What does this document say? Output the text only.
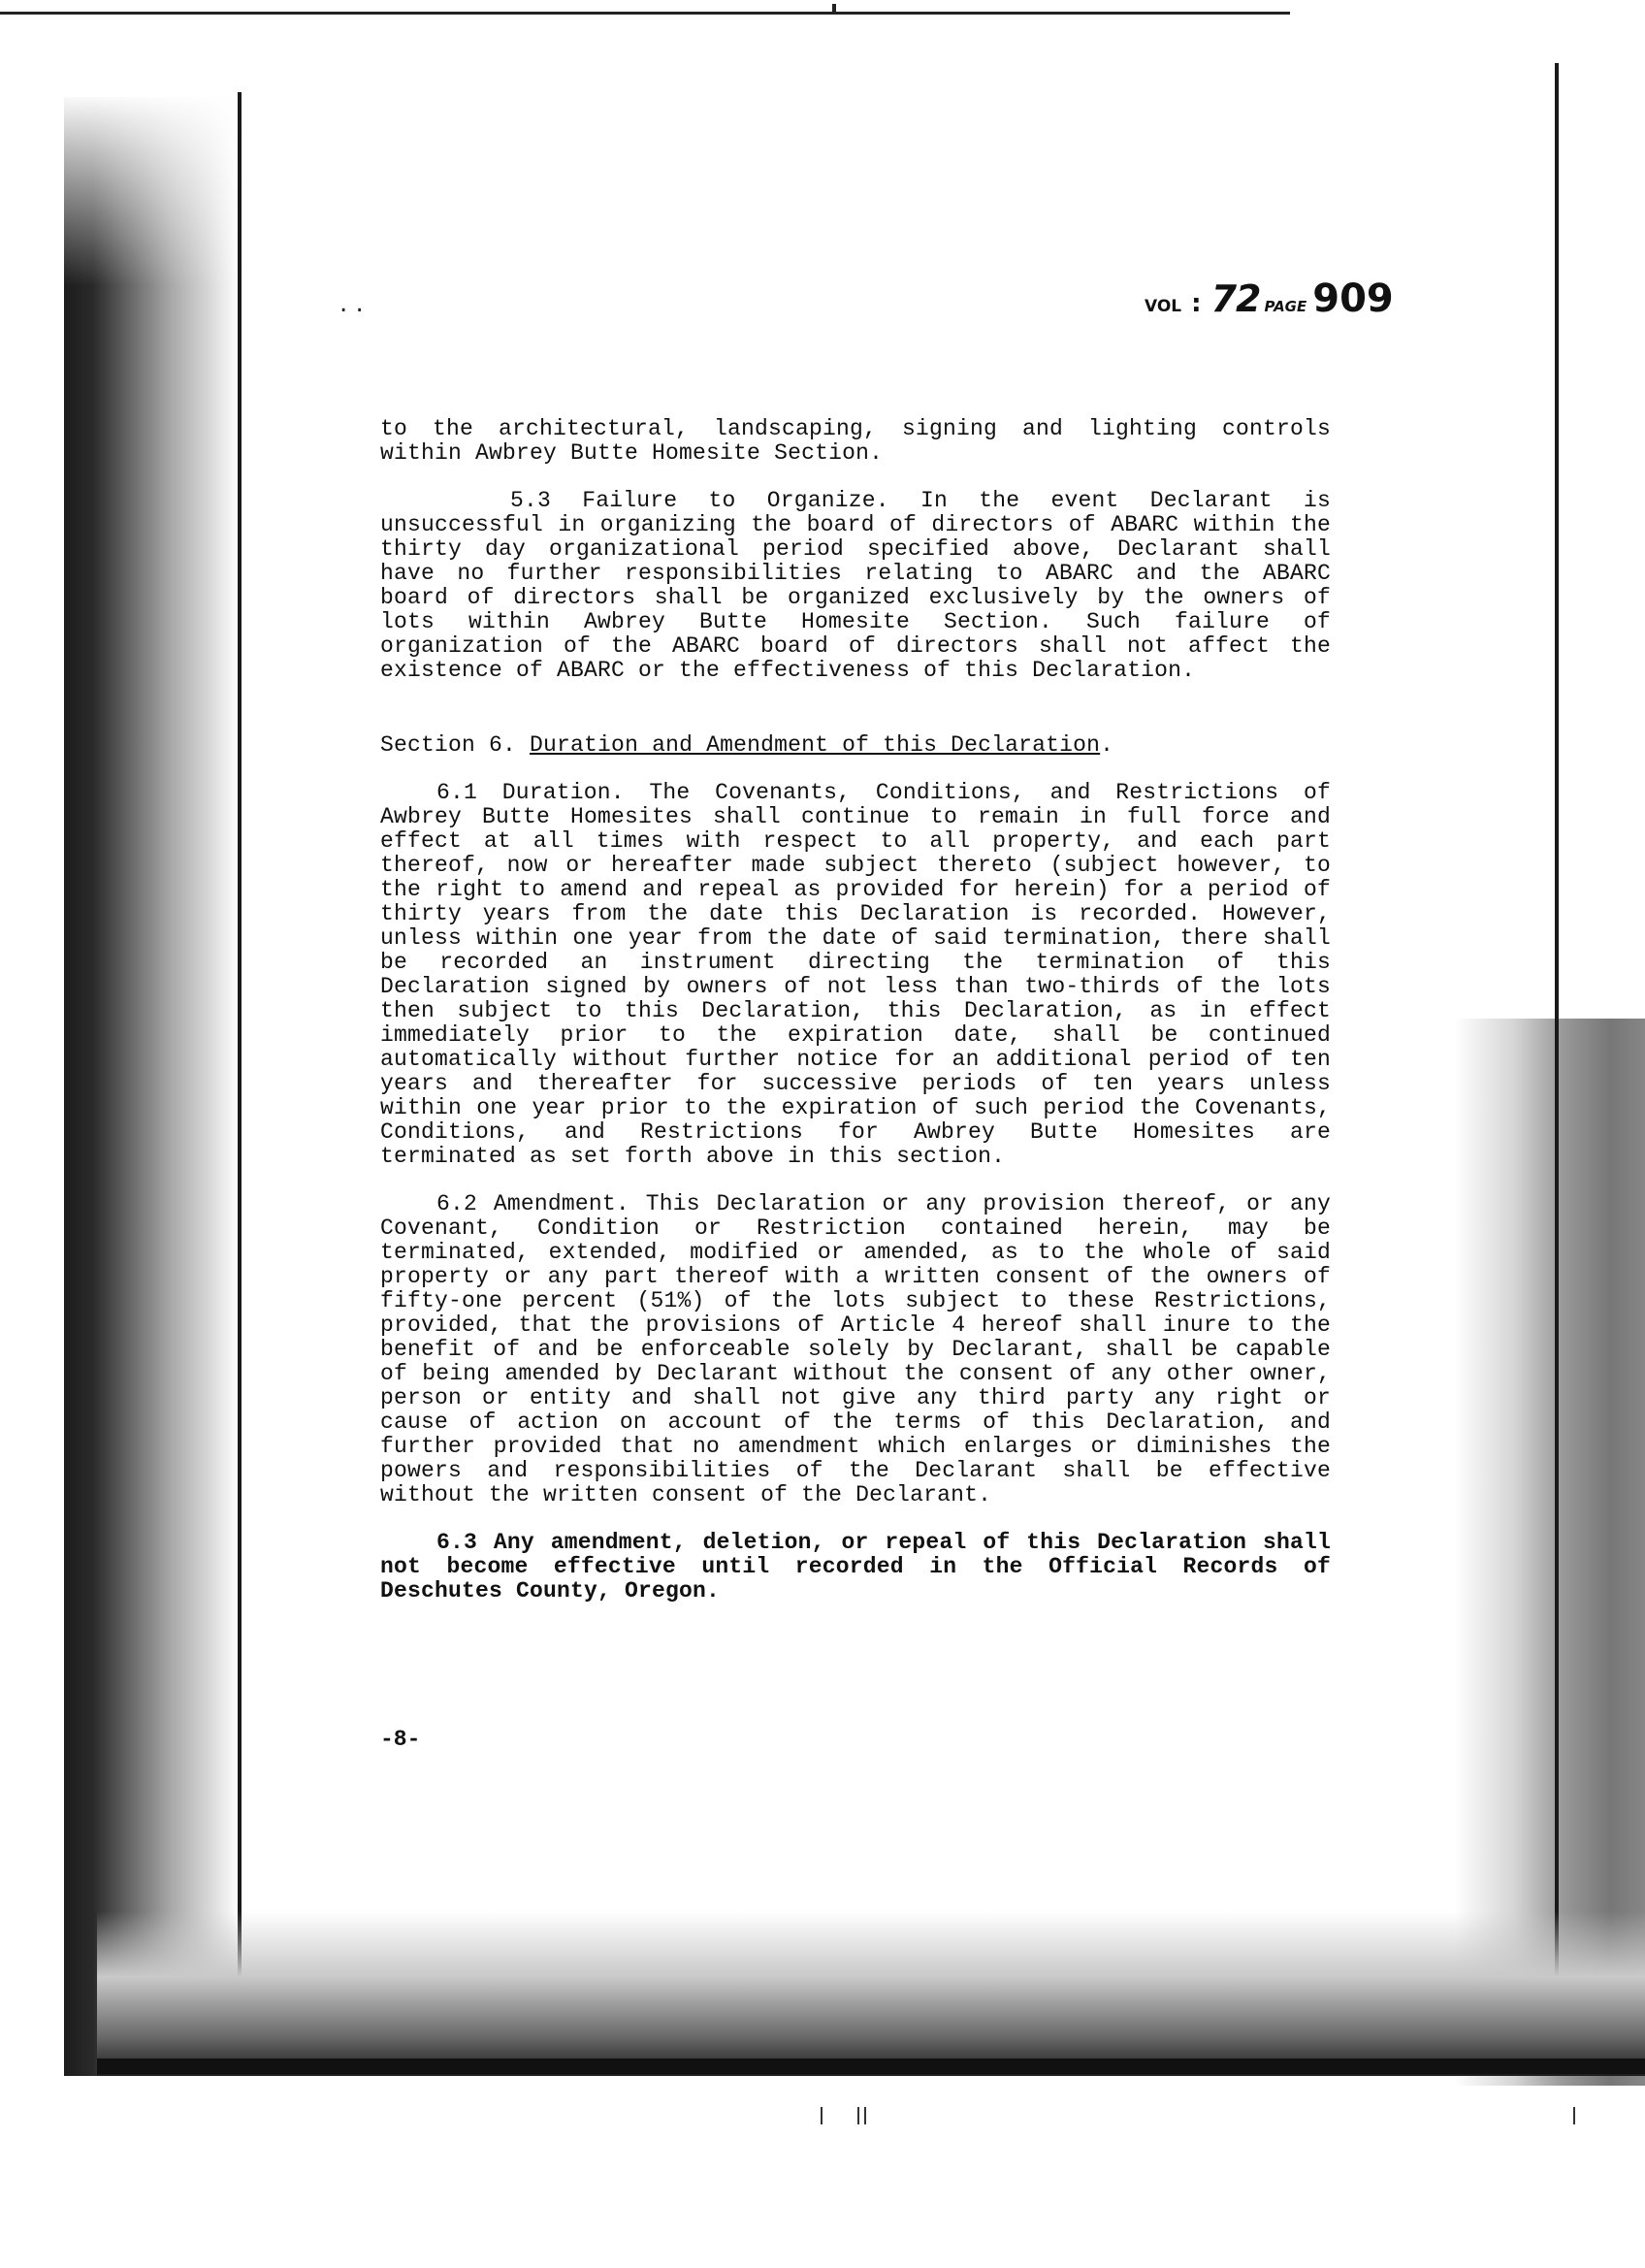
. .	VOL : 72 PAGE 909

to the architectural, landscaping, signing and lighting controls within Awbrey Butte Homesite Section.

5.3 Failure to Organize. In the event Declarant is unsuccessful in organizing the board of directors of ABARC within the thirty day organizational period specified above, Declarant shall have no further responsibilities relating to ABARC and the ABARC board of directors shall be organized exclusively by the owners of lots within Awbrey Butte Homesite Section. Such failure of organization of the ABARC board of directors shall not affect the existence of ABARC or the effectiveness of this Declaration.

Section 6. Duration and Amendment of this Declaration.

6.1 Duration. The Covenants, Conditions, and Restrictions of Awbrey Butte Homesites shall continue to remain in full force and effect at all times with respect to all property, and each part thereof, now or hereafter made subject thereto (subject however, to the right to amend and repeal as provided for herein) for a period of thirty years from the date this Declaration is recorded. However, unless within one year from the date of said termination, there shall be recorded an instrument directing the termination of this Declaration signed by owners of not less than two-thirds of the lots then subject to this Declaration, this Declaration, as in effect immediately prior to the expiration date, shall be continued automatically without further notice for an additional period of ten years and thereafter for successive periods of ten years unless within one year prior to the expiration of such period the Covenants, Conditions, and Restrictions for Awbrey Butte Homesites are terminated as set forth above in this section.

6.2 Amendment. This Declaration or any provision thereof, or any Covenant, Condition or Restriction contained herein, may be terminated, extended, modified or amended, as to the whole of said property or any part thereof with a written consent of the owners of fifty-one percent (51%) of the lots subject to these Restrictions, provided, that the provisions of Article 4 hereof shall inure to the benefit of and be enforceable solely by Declarant, shall be capable of being amended by Declarant without the consent of any other owner, person or entity and shall not give any third party any right or cause of action on account of the terms of this Declaration, and further provided that no amendment which enlarges or diminishes the powers and responsibilities of the Declarant shall be effective without the written consent of the Declarant.

6.3 Any amendment, deletion, or repeal of this Declaration shall not become effective until recorded in the Official Records of Deschutes County, Oregon.

-8-
